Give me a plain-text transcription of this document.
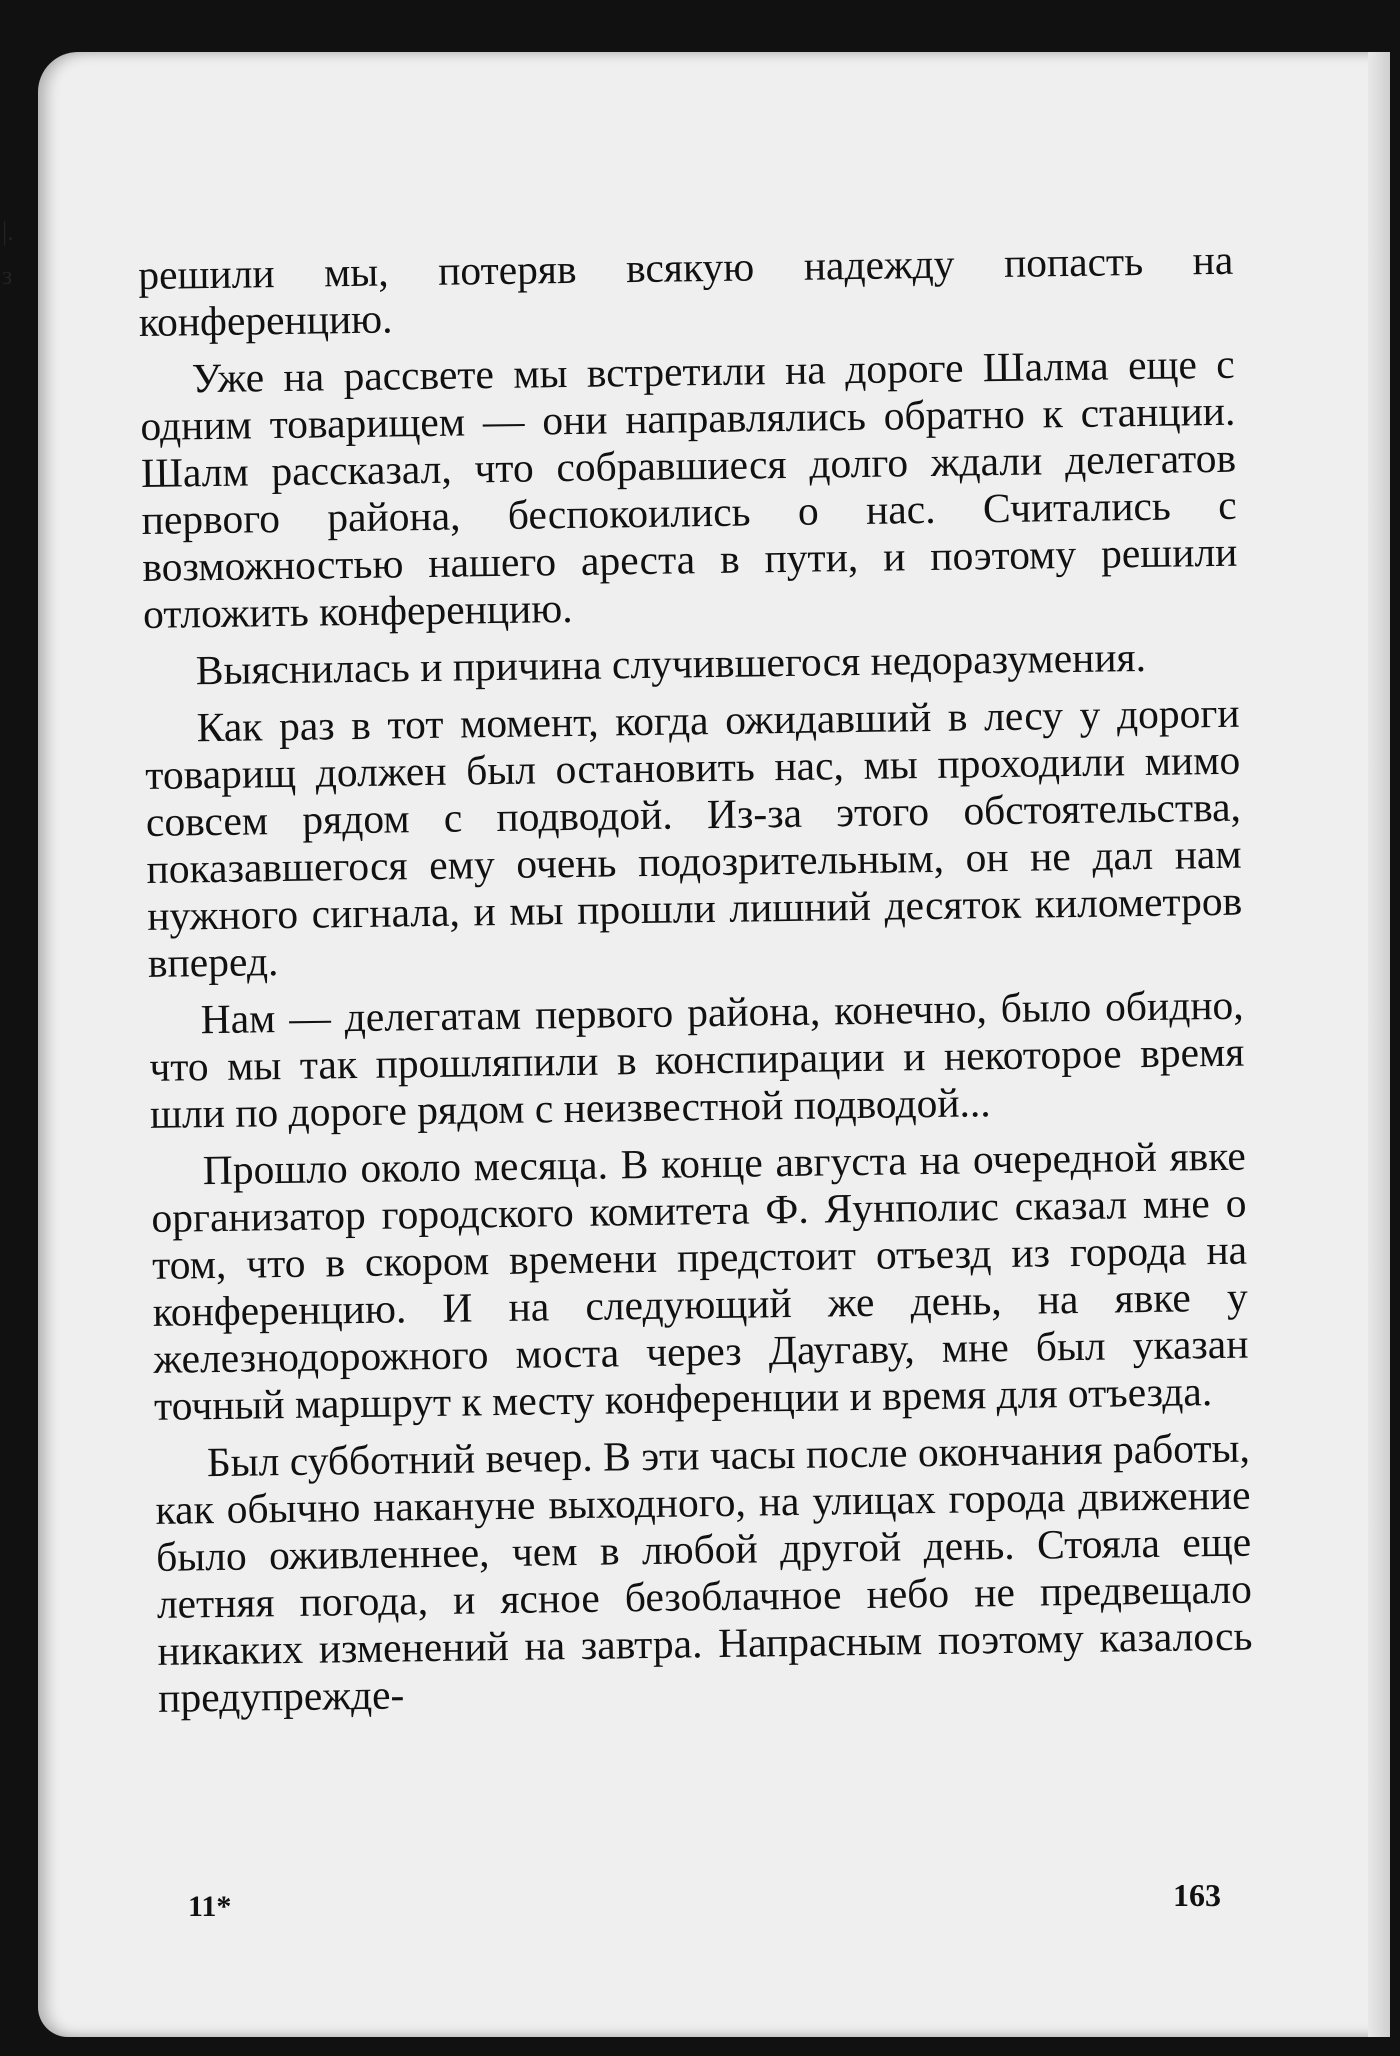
|.
з	решили мы, потеряв всякую надежду попасть на конференцию.

Уже на рассвете мы встретили на дороге Шалма еще с одним товарищем — они направлялись обратно к станции. Шалм рассказал, что собравшиеся долго ждали делегатов первого района, беспокоились о нас. Считались с возможностью нашего ареста в пути, и поэтому решили отложить конференцию.

Выяснилась и причина случившегося недоразумения.

Как раз в тот момент, когда ожидавший в лесу у дороги товарищ должен был остановить нас, мы проходили мимо совсем рядом с подводой. Из-за этого обстоятельства, показавшегося ему очень подозрительным, он не дал нам нужного сигнала, и мы прошли лишний десяток километров вперед.

Нам — делегатам первого района, конечно, было обидно, что мы так прошляпили в конспирации и некоторое время шли по дороге рядом с неизвестной подводой...

Прошло около месяца. В конце августа на очередной явке организатор городского комитета Ф. Яунполис сказал мне о том, что в скором времени предстоит отъезд из города на конференцию. И на следующий же день, на явке у железнодорожного моста через Даугаву, мне был указан точный маршрут к месту конференции и время для отъезда.

Был субботний вечер. В эти часы после окончания работы, как обычно накануне выходного, на улицах города движение было оживленнее, чем в любой другой день. Стояла еще летняя погода, и ясное безоблачное небо не предвещало никаких изменений на завтра. Напрасным поэтому казалось предупрежде-

11*	163
